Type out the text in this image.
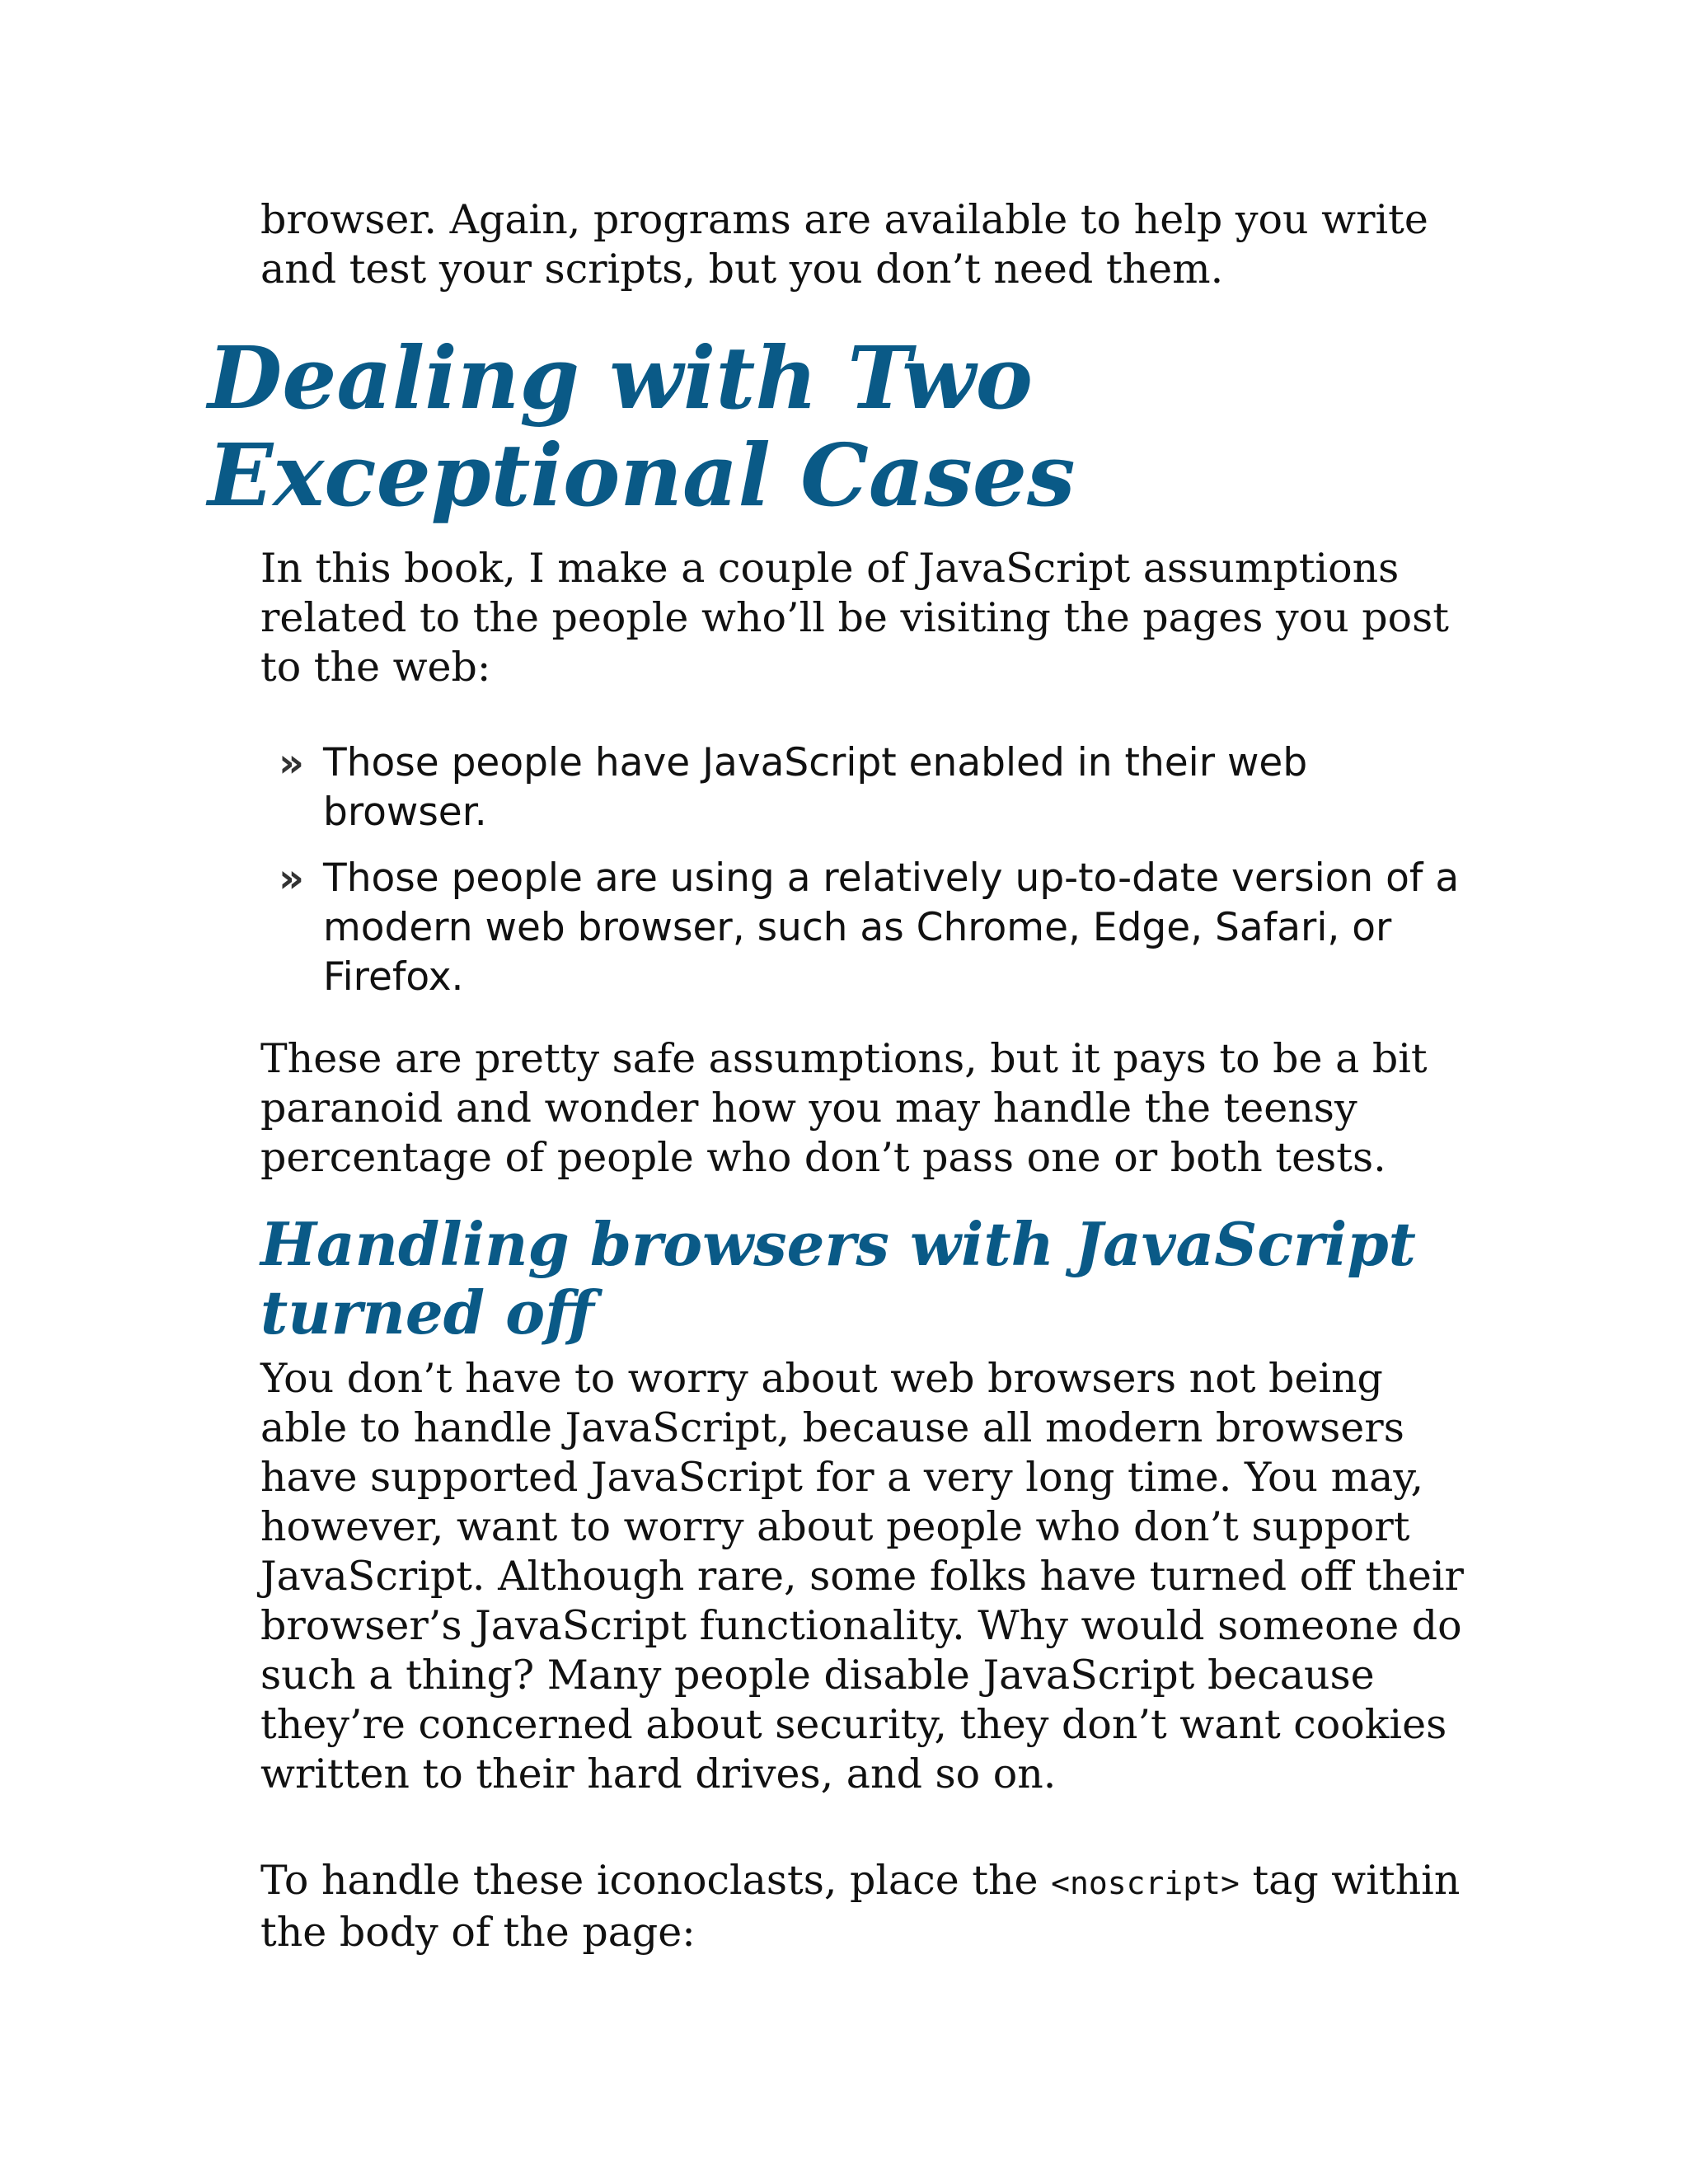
browser. Again, programs are available to help you write and test your scripts, but you don’t need them.

Dealing with Two
Exceptional Cases

In this book, I make a couple of JavaScript assumptions related to the people who’ll be visiting the pages you post to the web:

» Those people have JavaScript enabled in their web browser.
» Those people are using a relatively up-to-date version of a modern web browser, such as Chrome, Edge, Safari, or Firefox.

These are pretty safe assumptions, but it pays to be a bit paranoid and wonder how you may handle the teensy percentage of people who don’t pass one or both tests.

Handling browsers with JavaScript
turned off

You don’t have to worry about web browsers not being able to handle JavaScript, because all modern browsers have supported JavaScript for a very long time. You may, however, want to worry about people who don’t support JavaScript. Although rare, some folks have turned off their browser’s JavaScript functionality. Why would someone do such a thing? Many people disable JavaScript because they’re concerned about security, they don’t want cookies written to their hard drives, and so on.

To handle these iconoclasts, place the <noscript> tag within the body of the page:
